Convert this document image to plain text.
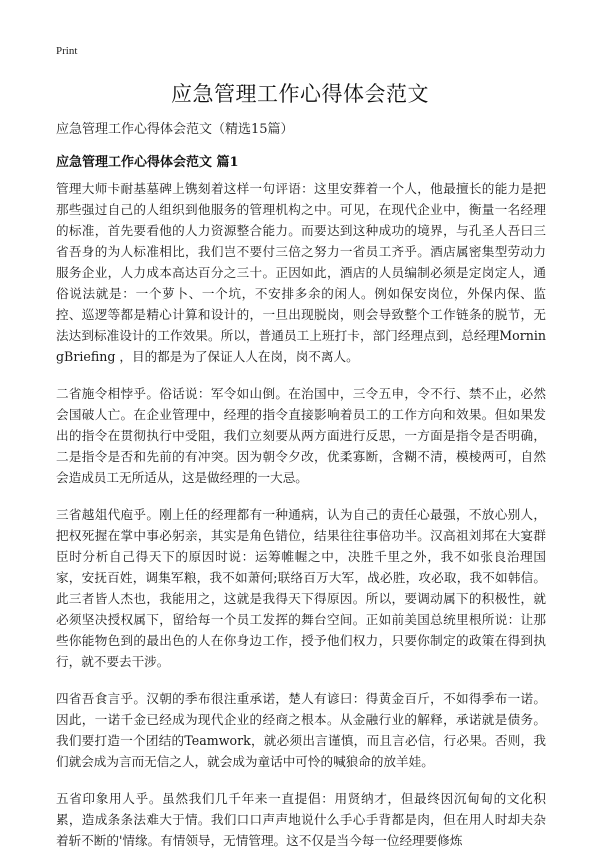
Print
应急管理工作心得体会范文
应急管理工作心得体会范文（精选15篇）
应急管理工作心得体会范文 篇1

管理大师卡耐基墓碑上镌刻着这样一句评语：这里安葬着一个人，他最擅长的能力是把那些强过自己的人组织到他服务的管理机构之中。可见，在现代企业中，衡量一名经理的标准，首先要看他的人力资源整合能力。而要达到这种成功的境界，与孔圣人吾曰三省吾身的为人标准相比，我们岂不要付三倍之努力一省员工齐乎。酒店属密集型劳动力服务企业，人力成本高达百分之三十。正因如此，酒店的人员编制必须是定岗定人，通俗说法就是：一个萝卜、一个坑，不安排多余的闲人。例如保安岗位，外保内保、监控、巡逻等都是精心计算和设计的，一旦出现脱岗，则会导致整个工作链条的脱节，无法达到标准设计的工作效果。所以，普通员工上班打卡，部门经理点到，总经理MorningBriefing ，目的都是为了保证人人在岗，岗不离人。

二省施令相悖乎。俗话说：军令如山倒。在治国中，三令五申，令不行、禁不止，必然会国破人亡。在企业管理中，经理的指令直接影响着员工的工作方向和效果。但如果发出的指令在贯彻执行中受阻，我们立刻要从两方面进行反思，一方面是指令是否明确，二是指令是否和先前的有冲突。因为朝令夕改，优柔寡断，含糊不清，模棱两可，自然会造成员工无所适从，这是做经理的一大忌。

三省越俎代庖乎。刚上任的经理都有一种通病，认为自己的责任心最强，不放心别人，把权死握在掌中事必躬亲，其实是角色错位，结果往往事倍功半。汉高祖刘邦在大宴群臣时分析自己得天下的原因时说：运筹帷幄之中，决胜千里之外，我不如张良治理国家，安抚百姓，调集军粮，我不如萧何;联络百万大军，战必胜，攻必取，我不如韩信。此三者皆人杰也，我能用之，这就是我得天下得原因。所以，要调动属下的积极性，就必须坚决授权属下，留给每一个员工发挥的舞台空间。正如前美国总统里根所说：让那些你能物色到的最出色的人在你身边工作，授予他们权力，只要你制定的政策在得到执行，就不要去干涉。

四省吾食言乎。汉朝的季布很注重承诺，楚人有谚曰：得黄金百斤，不如得季布一诺。因此，一诺千金已经成为现代企业的经商之根本。从金融行业的解释，承诺就是债务。我们要打造一个团结的Teamwork，就必须出言谨慎，而且言必信，行必果。否则，我们就会成为言而无信之人，就会成为童话中可怜的喊狼命的放羊娃。

五省印象用人乎。虽然我们几千年来一直提倡：用贤纳才，但最终因沉甸甸的文化积累，造成条条法难大于情。我们口口声声地说什么手心手背都是肉，但在用人时却夫杂着斩不断的'情缘。有情领导，无情管理。这不仅是当今每一位经理要修炼
